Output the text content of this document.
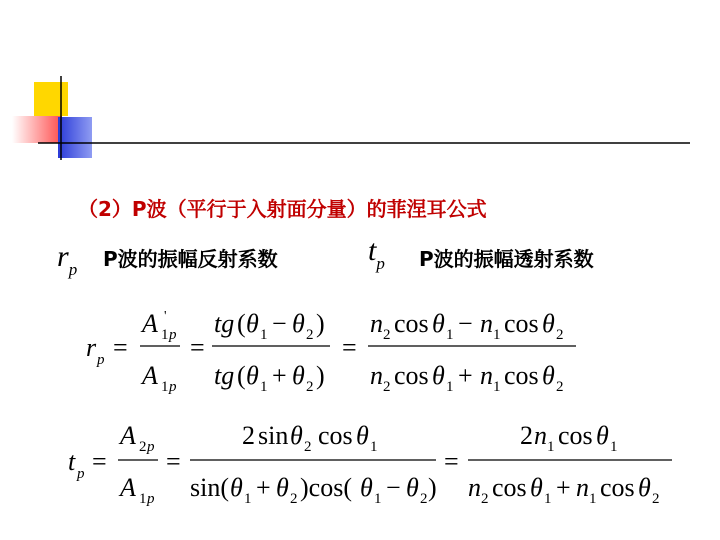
（2）P波（平行于入射面分量）的菲涅耳公式
rp P波的振幅反射系数	tp P波的振幅透射系数
r p =
A '
1 p
A 1 p
=
tg ( θ 1 − θ 2 )
tg ( θ 1 + θ 2 )
=
n 2 cos θ 1 − n 1 cos θ 2
n 2 cos θ 1 + n 1 cos θ 2
t p =
A 2 p
A 1 p
=
2 sin θ 2 cos θ 1
sin( θ 1 + θ 2 )cos( θ 1 − θ 2 )
=
2 n 1 cos θ 1
n 2 cos θ 1 + n 1 cos θ 2
